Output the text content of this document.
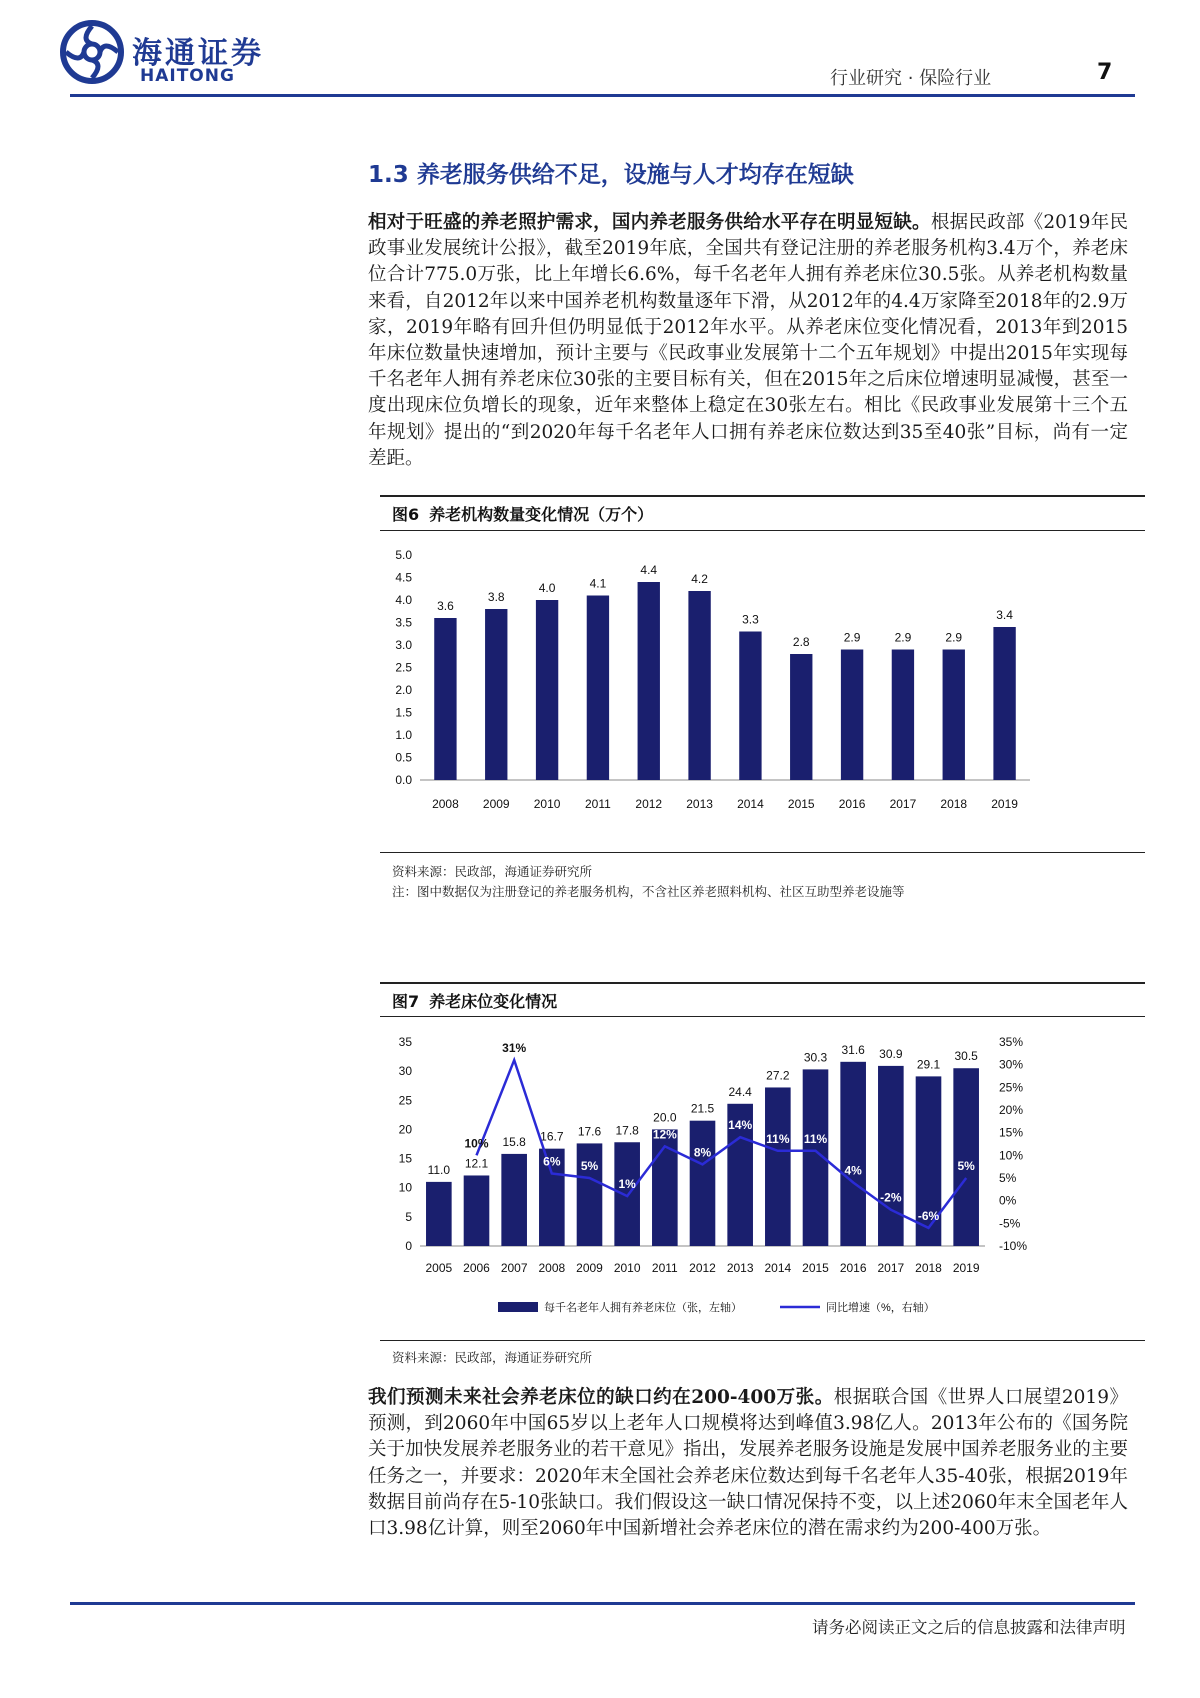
海通证券
HAITONG	行业研究 · 保险行业	7
1.3 养老服务供给不足，设施与人才均存在短缺
相对于旺盛的养老照护需求，国内养老服务供给水平存在明显短缺。根据民政部《2019年民政事业发展统计公报》，截至2019年底，全国共有登记注册的养老服务机构3.4万个，养老床位合计775.0万张，比上年增长6.6%，每千名老年人拥有养老床位30.5张。从养老机构数量来看，自2012年以来中国养老机构数量逐年下滑，从2012年的4.4万家降至2018年的2.9万家，2019年略有回升但仍明显低于2012年水平。从养老床位变化情况看，2013年到2015年床位数量快速增加，预计主要与《民政事业发展第十二个五年规划》中提出2015年实现每千名老年人拥有养老床位30张的主要目标有关，但在2015年之后床位增速明显减慢，甚至一度出现床位负增长的现象，近年来整体上稳定在30张左右。相比《民政事业发展第十三个五年规划》提出的“到2020年每千名老年人口拥有养老床位数达到35至40张”目标，尚有一定差距。
图6 养老机构数量变化情况（万个）
0.0
0.5
1.0
1.5
2.0
2.5
3.0
3.5
4.0
4.5
5.0
3.6
2008
3.8
2009
4.0
2010
4.1
2011
4.4
2012
4.2
2013
3.3
2014
2.8
2015
2.9
2016
2.9
2017
2.9
2018
3.4
2019
资料来源：民政部，海通证券研究所
注：图中数据仅为注册登记的养老服务机构，不含社区养老照料机构、社区互助型养老设施等
图7 养老床位变化情况
0
5
10
15
20
25
30
35
-10%
-5%
0%
5%
10%
15%
20%
25%
30%
35%
11.0
2005
12.1
2006
15.8
2007
16.7
2008
17.6
2009
17.8
2010
20.0
2011
21.5
2012
24.4
2013
27.2
2014
30.3
2015
31.6
2016
30.9
2017
29.1
2018
30.5
2019
10%
31%
6% 5%
1%
12%
8%
14%
11% 11%
4%
-2%
-6%
5%
每千名老年人拥有养老床位（张，左轴）	同比增速（%，右轴）
资料来源：民政部，海通证券研究所
我们预测未来社会养老床位的缺口约在200-400万张。根据联合国《世界人口展望2019》预测，到2060年中国65岁以上老年人口规模将达到峰值3.98亿人。2013年公布的《国务院关于加快发展养老服务业的若干意见》指出，发展养老服务设施是发展中国养老服务业的主要任务之一，并要求：2020年末全国社会养老床位数达到每千名老年人35-40张，根据2019年数据目前尚存在5-10张缺口。我们假设这一缺口情况保持不变，以上述2060年末全国老年人口3.98亿计算，则至2060年中国新增社会养老床位的潜在需求约为200-400万张。
请务必阅读正文之后的信息披露和法律声明
